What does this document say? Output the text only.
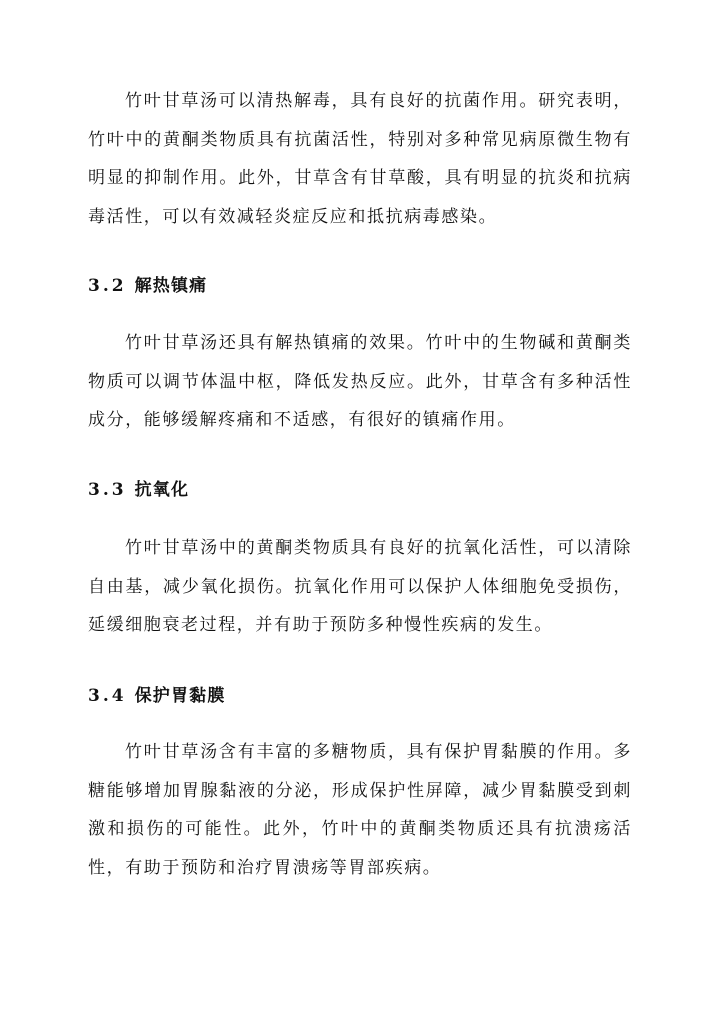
竹叶甘草汤可以清热解毒，具有良好的抗菌作用。研究表明，竹叶中的黄酮类物质具有抗菌活性，特别对多种常见病原微生物有明显的抑制作用。此外，甘草含有甘草酸，具有明显的抗炎和抗病毒活性，可以有效减轻炎症反应和抵抗病毒感染。

3.2 解热镇痛

竹叶甘草汤还具有解热镇痛的效果。竹叶中的生物碱和黄酮类物质可以调节体温中枢，降低发热反应。此外，甘草含有多种活性成分，能够缓解疼痛和不适感，有很好的镇痛作用。

3.3 抗氧化

竹叶甘草汤中的黄酮类物质具有良好的抗氧化活性，可以清除自由基，减少氧化损伤。抗氧化作用可以保护人体细胞免受损伤，延缓细胞衰老过程，并有助于预防多种慢性疾病的发生。

3.4 保护胃黏膜

竹叶甘草汤含有丰富的多糖物质，具有保护胃黏膜的作用。多糖能够增加胃腺黏液的分泌，形成保护性屏障，减少胃黏膜受到刺激和损伤的可能性。此外，竹叶中的黄酮类物质还具有抗溃疡活性，有助于预防和治疗胃溃疡等胃部疾病。
